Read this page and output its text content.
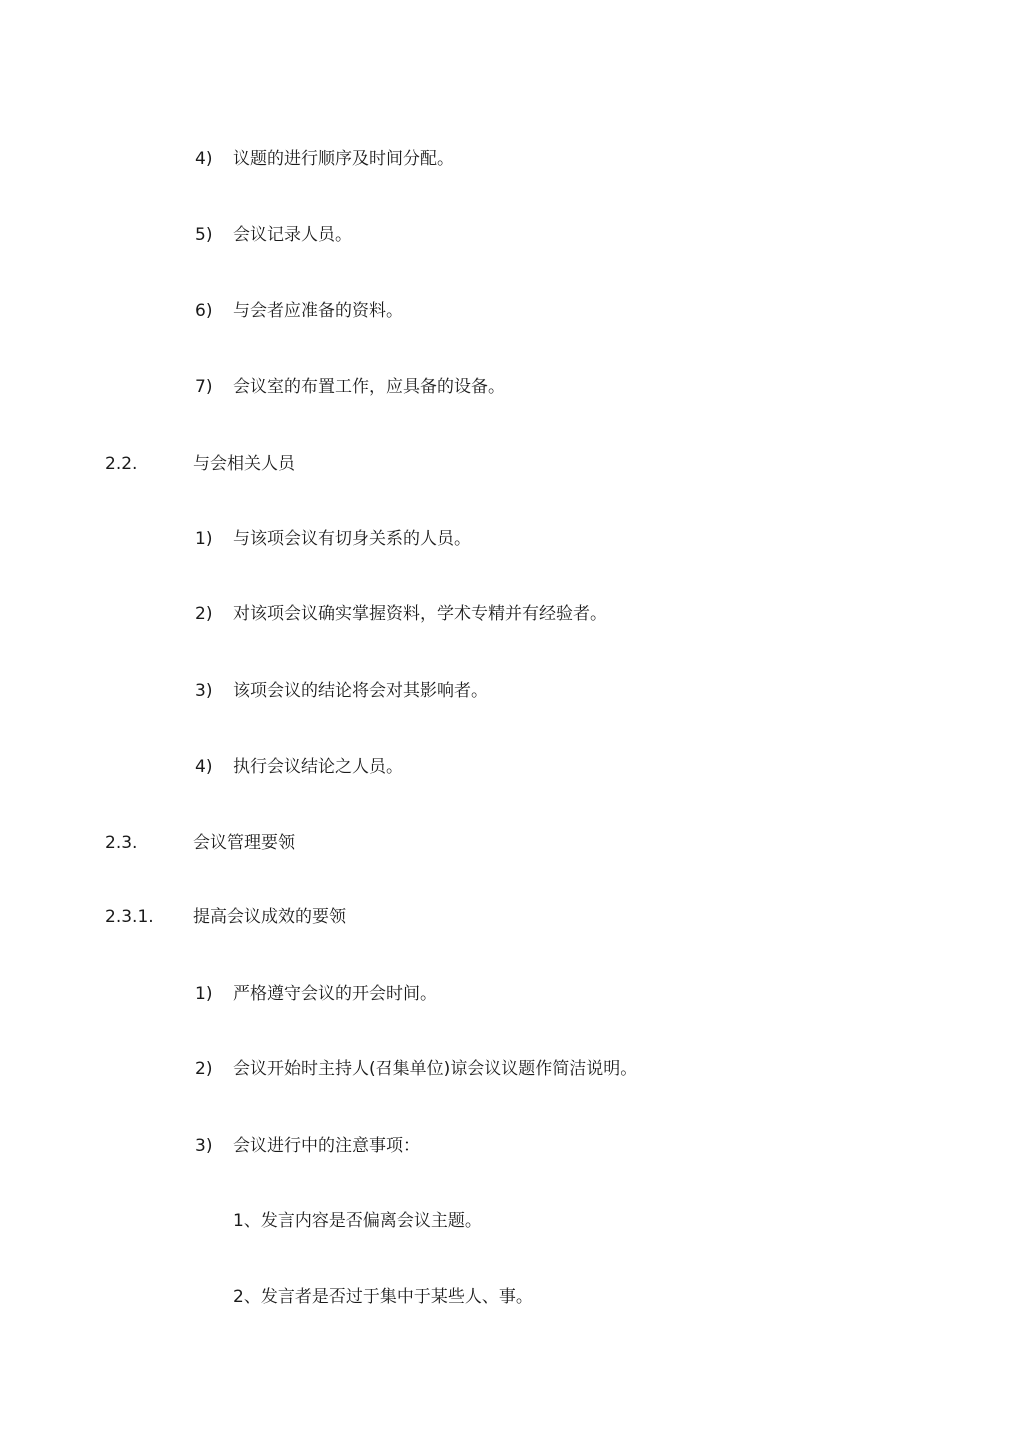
4) 议题的进行顺序及时间分配。
5) 会议记录人员。
6) 与会者应准备的资料。
7) 会议室的布置工作，应具备的设备。
2.2.	与会相关人员
1) 与该项会议有切身关系的人员。
2) 对该项会议确实掌握资料，学术专精并有经验者。
3) 该项会议的结论将会对其影响者。
4) 执行会议结论之人员。
2.3.	会议管理要领
2.3.1. 提高会议成效的要领
1) 严格遵守会议的开会时间。
2) 会议开始时主持人(召集单位)谅会议议题作简洁说明。
3) 会议进行中的注意事项：
1、发言内容是否偏离会议主题。
2、发言者是否过于集中于某些人、事。
